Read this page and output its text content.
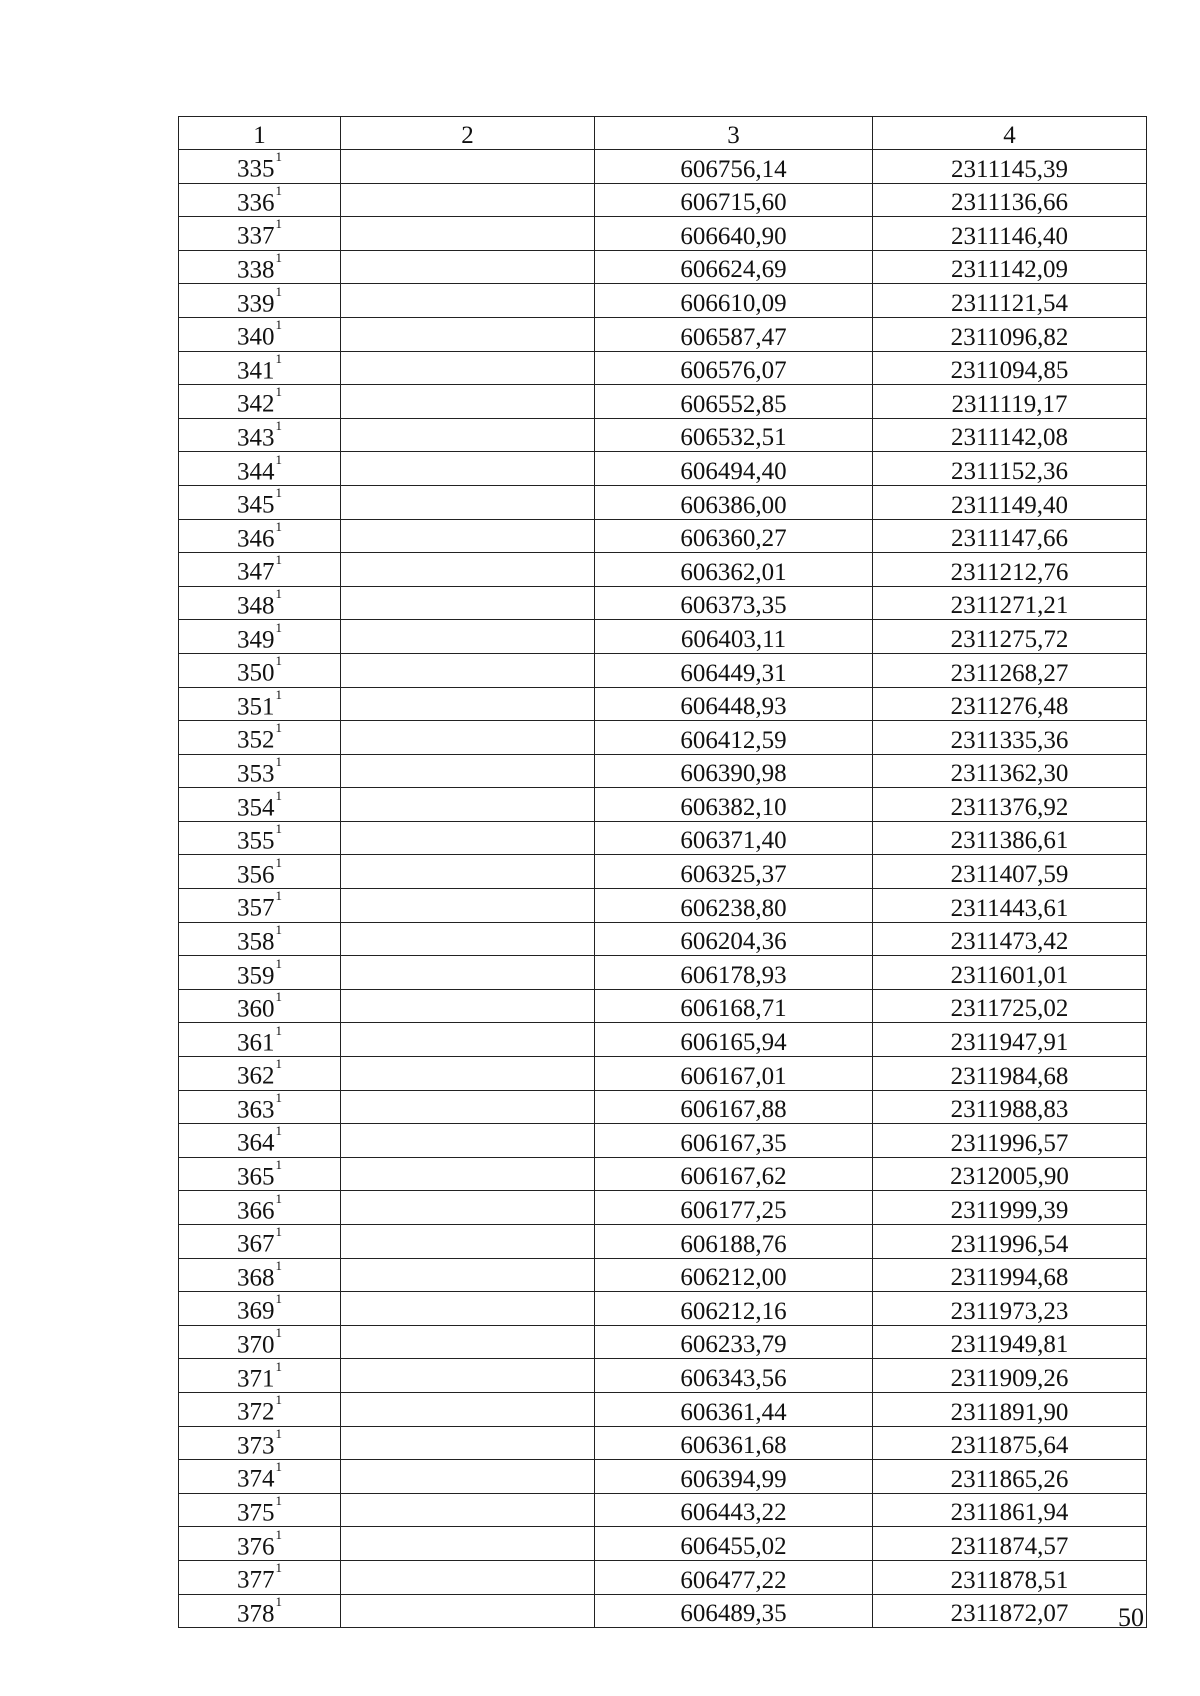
1	2	3	4
$335^1$		606756,14	2311145,39
$336^1$		606715,60	2311136,66
$337^1$		606640,90	2311146,40
$338^1$		606624,69	2311142,09
$339^1$		606610,09	2311121,54
$340^1$		606587,47	2311096,82
$341^1$		606576,07	2311094,85
$342^1$		606552,85	2311119,17
$343^1$		606532,51	2311142,08
$344^1$		606494,40	2311152,36
$345^1$		606386,00	2311149,40
$346^1$		606360,27	2311147,66
$347^1$		606362,01	2311212,76
$348^1$		606373,35	2311271,21
$349^1$		606403,11	2311275,72
$350^1$		606449,31	2311268,27
$351^1$		606448,93	2311276,48
$352^1$		606412,59	2311335,36
$353^1$		606390,98	2311362,30
$354^1$		606382,10	2311376,92
$355^1$		606371,40	2311386,61
$356^1$		606325,37	2311407,59
$357^1$		606238,80	2311443,61
$358^1$		606204,36	2311473,42
$359^1$		606178,93	2311601,01
$360^1$		606168,71	2311725,02
$361^1$		606165,94	2311947,91
$362^1$		606167,01	2311984,68
$363^1$		606167,88	2311988,83
$364^1$		606167,35	2311996,57
$365^1$		606167,62	2312005,90
$366^1$		606177,25	2311999,39
$367^1$		606188,76	2311996,54
$368^1$		606212,00	2311994,68
$369^1$		606212,16	2311973,23
$370^1$		606233,79	2311949,81
$371^1$		606343,56	2311909,26
$372^1$		606361,44	2311891,90
$373^1$		606361,68	2311875,64
$374^1$		606394,99	2311865,26
$375^1$		606443,22	2311861,94
$376^1$		606455,02	2311874,57
$377^1$		606477,22	2311878,51
$378^1$		606489,35	2311872,07 50
